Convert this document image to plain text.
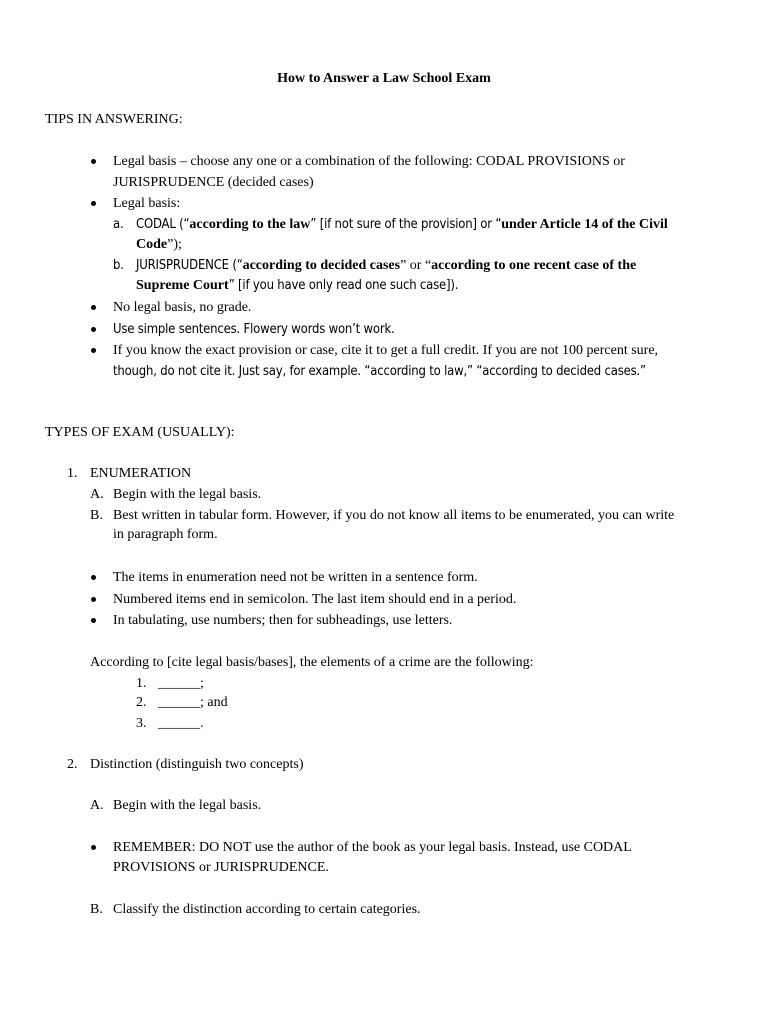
How to Answer a Law School Exam
TIPS IN ANSWERING:
Legal basis – choose any one or a combination of the following: CODAL PROVISIONS or
JURISPRUDENCE (decided cases)
Legal basis:
a. CODAL (“according to the law” [if not sure of the provision] or “under Article 14 of the Civil
Code”);
b. JURISPRUDENCE (“according to decided cases” or “according to one recent case of the
Supreme Court” [if you have only read one such case]).
No legal basis, no grade.
Use simple sentences. Flowery words won’t work.
If you know the exact provision or case, cite it to get a full credit. If you are not 100 percent sure,
though, do not cite it. Just say, for example. “according to law,” “according to decided cases.”
TYPES OF EXAM (USUALLY):
1. ENUMERATION
A. Begin with the legal basis.
B. Best written in tabular form. However, if you do not know all items to be enumerated, you can write
in paragraph form.
The items in enumeration need not be written in a sentence form.
Numbered items end in semicolon. The last item should end in a period.
In tabulating, use numbers; then for subheadings, use letters.
According to [cite legal basis/bases], the elements of a crime are the following:
1. ______;
2. ______; and
3. ______.
2. Distinction (distinguish two concepts)
A. Begin with the legal basis.
REMEMBER: DO NOT use the author of the book as your legal basis. Instead, use CODAL
PROVISIONS or JURISPRUDENCE.
B. Classify the distinction according to certain categories.
